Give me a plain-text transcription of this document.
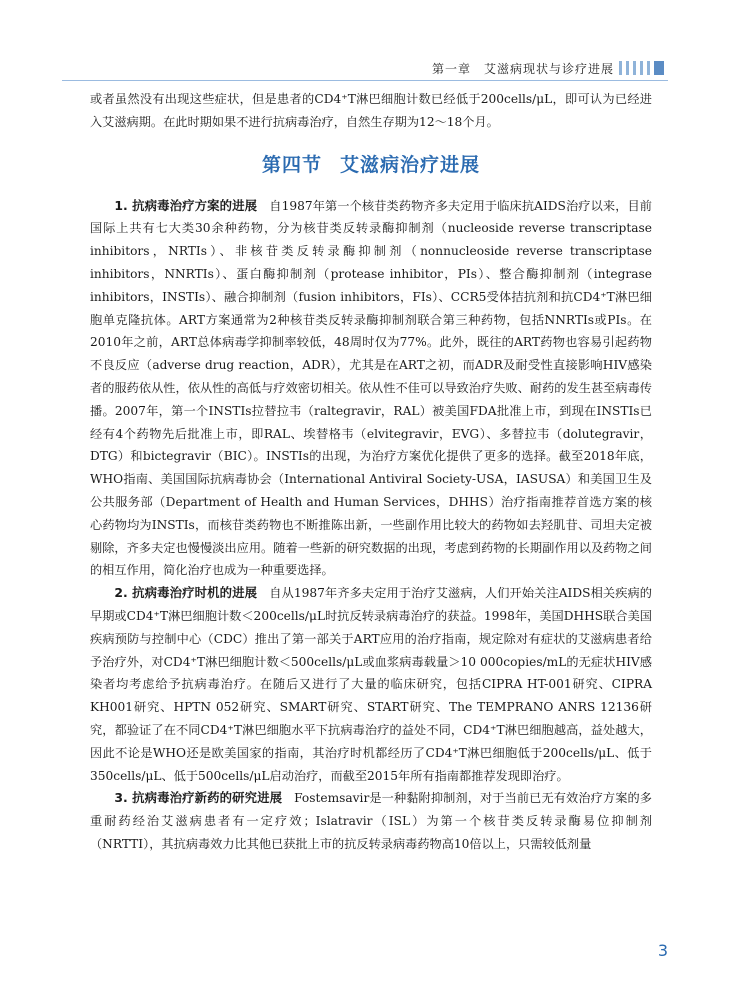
第一章　艾滋病现状与诊疗进展

或者虽然没有出现这些症状，但是患者的CD4⁺T淋巴细胞计数已经低于200cells/μL，即可认为已经进入艾滋病期。在此时期如果不进行抗病毒治疗，自然生存期为12～18个月。

第四节 艾滋病治疗进展

1. 抗病毒治疗方案的进展 自1987年第一个核苷类药物齐多夫定用于临床抗AIDS治疗以来，目前国际上共有七大类30余种药物，分为核苷类反转录酶抑制剂（nucleoside reverse transcriptase inhibitors，NRTIs）、非核苷类反转录酶抑制剂（nonnucleoside reverse transcriptase inhibitors，NNRTIs）、蛋白酶抑制剂（protease inhibitor，PIs）、整合酶抑制剂（integrase inhibitors，INSTIs）、融合抑制剂（fusion inhibitors，FIs）、CCR5受体拮抗剂和抗CD4⁺T淋巴细胞单克隆抗体。ART方案通常为2种核苷类反转录酶抑制剂联合第三种药物，包括NNRTIs或PIs。在2010年之前，ART总体病毒学抑制率较低，48周时仅为77%。此外，既往的ART药物也容易引起药物不良反应（adverse drug reaction，ADR），尤其是在ART之初，而ADR及耐受性直接影响HIV感染者的服药依从性，依从性的高低与疗效密切相关。依从性不佳可以导致治疗失败、耐药的发生甚至病毒传播。2007年，第一个INSTIs拉替拉韦（raltegravir，RAL）被美国FDA批准上市，到现在INSTIs已经有4个药物先后批准上市，即RAL、埃替格韦（elvitegravir，EVG）、多替拉韦（dolutegravir，DTG）和bictegravir（BIC）。INSTIs的出现，为治疗方案优化提供了更多的选择。截至2018年底，WHO指南、美国国际抗病毒协会（International Antiviral Society-USA，IASUSA）和美国卫生及公共服务部（Department of Health and Human Services，DHHS）治疗指南推荐首选方案的核心药物均为INSTIs，而核苷类药物也不断推陈出新，一些副作用比较大的药物如去羟肌苷、司坦夫定被剔除，齐多夫定也慢慢淡出应用。随着一些新的研究数据的出现，考虑到药物的长期副作用以及药物之间的相互作用，简化治疗也成为一种重要选择。

2. 抗病毒治疗时机的进展 自从1987年齐多夫定用于治疗艾滋病，人们开始关注AIDS相关疾病的早期或CD4⁺T淋巴细胞计数＜200cells/μL时抗反转录病毒治疗的获益。1998年，美国DHHS联合美国疾病预防与控制中心（CDC）推出了第一部关于ART应用的治疗指南，规定除对有症状的艾滋病患者给予治疗外，对CD4⁺T淋巴细胞计数＜500cells/μL或血浆病毒载量＞10 000copies/mL的无症状HIV感染者均考虑给予抗病毒治疗。在随后又进行了大量的临床研究，包括CIPRA HT-001研究、CIPRA KH001研究、HPTN 052研究、SMART研究、START研究、The TEMPRANO ANRS 12136研究，都验证了在不同CD4⁺T淋巴细胞水平下抗病毒治疗的益处不同，CD4⁺T淋巴细胞越高，益处越大，因此不论是WHO还是欧美国家的指南，其治疗时机都经历了CD4⁺T淋巴细胞低于200cells/μL、低于350cells/μL、低于500cells/μL启动治疗，而截至2015年所有指南都推荐发现即治疗。

3. 抗病毒治疗新药的研究进展 Fostemsavir是一种黏附抑制剂，对于当前已无有效治疗方案的多重耐药经治艾滋病患者有一定疗效；Islatravir（ISL）为第一个核苷类反转录酶易位抑制剂（NRTTI），其抗病毒效力比其他已获批上市的抗反转录病毒药物高10倍以上，只需较低剂量

3
